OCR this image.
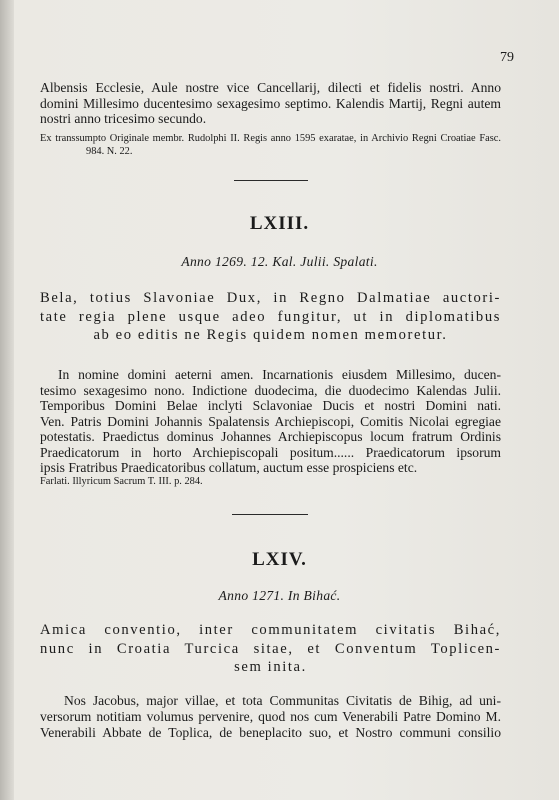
79
Albensis Ecclesie, Aule nostre vice Cancellarij, dilecti et fidelis nostri. Anno
domini Millesimo ducentesimo sexagesimo septimo. Kalendis Martij, Regni autem
nostri anno tricesimo secundo.
Ex transsumpto Originale membr. Rudolphi II. Regis anno 1595 exaratae, in Archivio Regni Croatiae Fasc.
984. N. 22.
LXIII.
Anno 1269. 12. Kal. Julii. Spalati.
Bela, totius Slavoniae Dux, in Regno Dalmatiae auctori-
tate regia plene usque adeo fungitur, ut in diplomatibus
ab eo editis ne Regis quidem nomen memoretur.
In nomine domini aeterni amen. Incarnationis eiusdem Millesimo, ducen-
tesimo sexagesimo nono. Indictione duodecima, die duodecimo Kalendas Julii.
Temporibus Domini Belae inclyti Sclavoniae Ducis et nostri Domini nati.
Ven. Patris Domini Johannis Spalatensis Archiepiscopi, Comitis Nicolai egregiae
potestatis. Praedictus dominus Johannes Archiepiscopus locum fratrum Ordinis
Praedicatorum in horto Archiepiscopali positum...... Praedicatorum ipsorum
ipsis Fratribus Praedicatoribus collatum, auctum esse prospiciens etc.
Farlati. Illyricum Sacrum T. III. p. 284.
LXIV.
Anno 1271. In Bihać.
Amica conventio, inter communitatem civitatis Bihać,
nunc in Croatia Turcica sitae, et Conventum Toplicen-
sem inita.
Nos Jacobus, major villae, et tota Communitas Civitatis de Bihig, ad uni-
versorum notitiam volumus pervenire, quod nos cum Venerabili Patre Domino M.
Venerabili Abbate de Toplica, de beneplacito suo, et Nostro communi consilio
